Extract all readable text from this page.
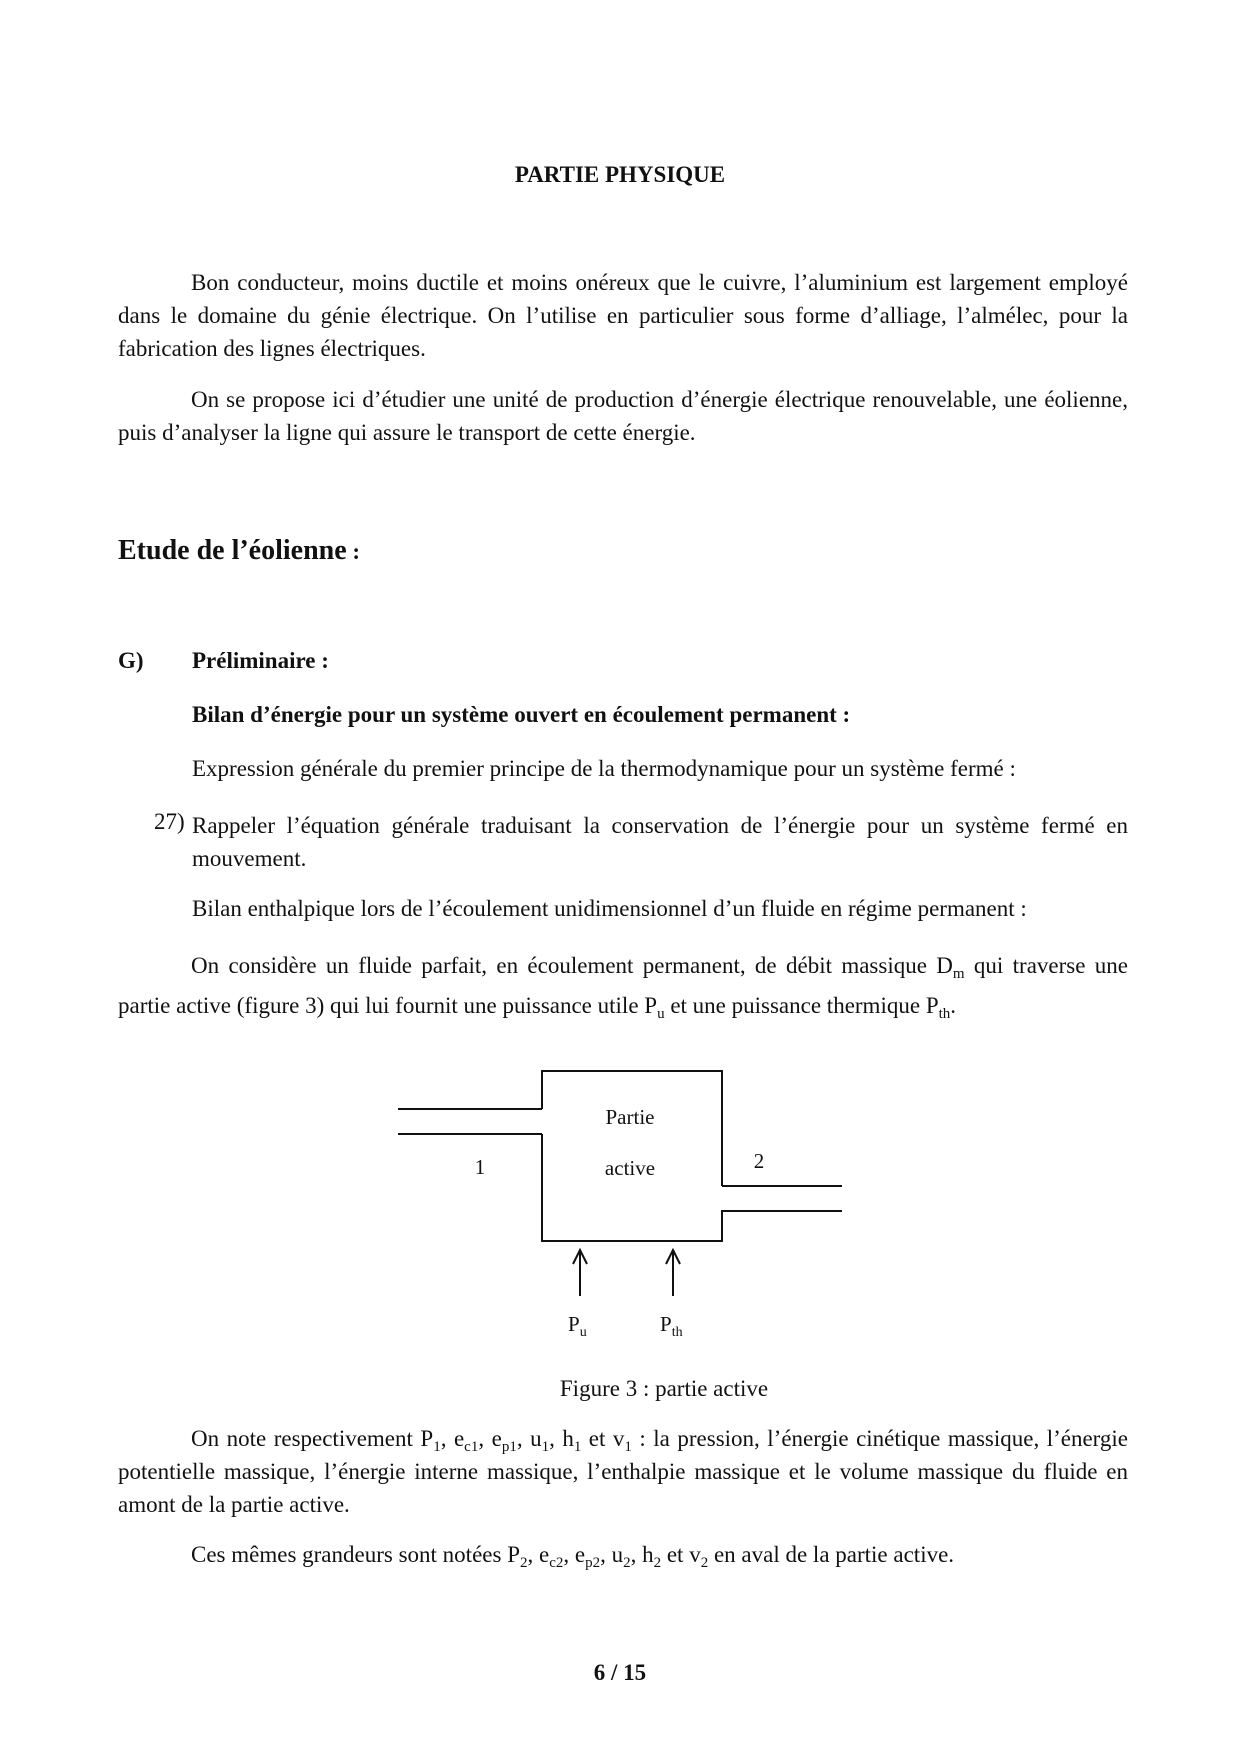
PARTIE PHYSIQUE

Bon conducteur, moins ductile et moins onéreux que le cuivre, l’aluminium est largement employé dans le domaine du génie électrique. On l’utilise en particulier sous forme d’alliage, l’almélec, pour la fabrication des lignes électriques.

On se propose ici d’étudier une unité de production d’énergie électrique renouvelable, une éolienne, puis d’analyser la ligne qui assure le transport de cette énergie.

Etude de l’éolienne :
G) Préliminaire :
Bilan d’énergie pour un système ouvert en écoulement permanent :
Expression générale du premier principe de la thermodynamique pour un système fermé :
27) Rappeler l’équation générale traduisant la conservation de l’énergie pour un système fermé en mouvement.
Bilan enthalpique lors de l’écoulement unidimensionnel d’un fluide en régime permanent :

On considère un fluide parfait, en écoulement permanent, de débit massique $D_m$ qui traverse une partie active (figure 3) qui lui fournit une puissance utile $P_u$ et une puissance thermique $P_{th}$.

1	2
Partie
active
$P_u$	$P_{th}$
Figure 3 : partie active

On note respectivement $P_1$, $e_{c1}$, $e_{p1}$, $u_1$, $h_1$ et $v_1$ : la pression, l’énergie cinétique massique, l’énergie potentielle massique, l’énergie interne massique, l’enthalpie massique et le volume massique du fluide en amont de la partie active.

Ces mêmes grandeurs sont notées $P_2$, $e_{c2}$, $e_{p2}$, $u_2$, $h_2$ et $v_2$ en aval de la partie active.

6 / 15
